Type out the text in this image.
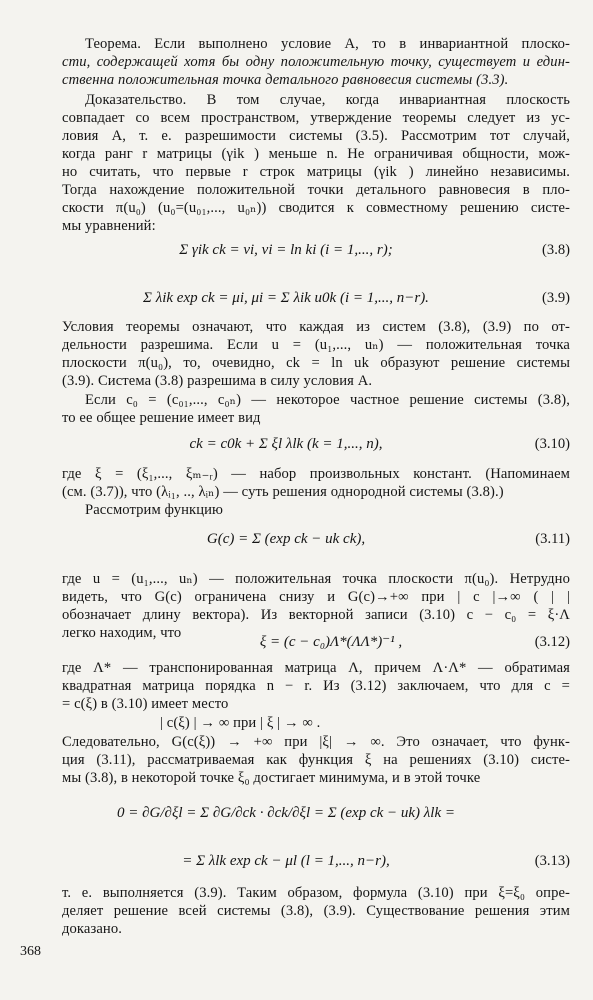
Теорема. Если выполнено условие A, то в инвариантной плоско-
сти, содержащей хотя бы одну положительную точку, существует и един-
ственна положительная точка детального равновесия системы (3.3).
Доказательство. В том случае, когда инвариантная плоскость
совпадает со всем пространством, утверждение теоремы следует из ус-
ловия A, т. е. разрешимости системы (3.5). Рассмотрим тот случай,
когда ранг r матрицы (γik ) меньше n. Не ограничивая общности, мож-
но считать, что первые r строк матрицы (γik ) линейно независимы.
Тогда нахождение положительной точки детального равновесия в пло-
скости π(u₀) (u₀=(u₀₁,..., u₀ₙ)) сводится к совместному решению систе-
мы уравнений:
Σ γik ck = νi, νi = ln ki (i = 1,..., r);	(3.8)
Σ λik exp ck = μi, μi = Σ λik u0k (i = 1,..., n−r).	(3.9)
Условия теоремы означают, что каждая из систем (3.8), (3.9) по от-
дельности разрешима. Если u = (u₁,..., uₙ) — положительная точка
плоскости π(u₀), то, очевидно, ck = ln uk образуют решение системы
(3.9). Система (3.8) разрешима в силу условия A.
Если c₀ = (c₀₁,..., c₀ₙ) — некоторое частное решение системы (3.8),
то ее общее решение имеет вид
ck = c0k + Σ ξl λlk (k = 1,..., n),	(3.10)
где ξ = (ξ₁,..., ξₘ₋ᵣ) — набор произвольных констант. (Напоминаем
(см. (3.7)), что (λᵢ₁, .., λᵢₙ) — суть решения однородной системы (3.8).)
Рассмотрим функцию
G(c) = Σ (exp ck − uk ck),	(3.11)
где u = (u₁,..., uₙ) — положительная точка плоскости π(u₀). Нетрудно
видеть, что G(c) ограничена снизу и G(c)→+∞ при | c |→∞ ( | |
обозначает длину вектора). Из векторной записи (3.10) c − c₀ = ξ·Λ
легко находим, что
ξ = (c − c₀)Λ*(ΛΛ*)⁻¹ ,	(3.12)
где Λ* — транспонированная матрица Λ, причем Λ·Λ* — обратимая
квадратная матрица порядка n − r. Из (3.12) заключаем, что для c =
= c(ξ) в (3.10) имеет место
| c(ξ) | → ∞ при | ξ | → ∞ .
Следовательно, G(c(ξ)) → +∞ при |ξ| → ∞. Это означает, что функ-
ция (3.11), рассматриваемая как функция ξ на решениях (3.10) систе-
мы (3.8), в некоторой точке ξ₀ достигает минимума, и в этой точке
0 = ∂G/∂ξl = Σ ∂G/∂ck · ∂ck/∂ξl = Σ (exp ck − uk) λlk =
= Σ λlk exp ck − μl (l = 1,..., n−r),	(3.13)
т. е. выполняется (3.9). Таким образом, формула (3.10) при ξ=ξ₀ опре-
деляет решение всей системы (3.8), (3.9). Существование решения этим
доказано.
368
